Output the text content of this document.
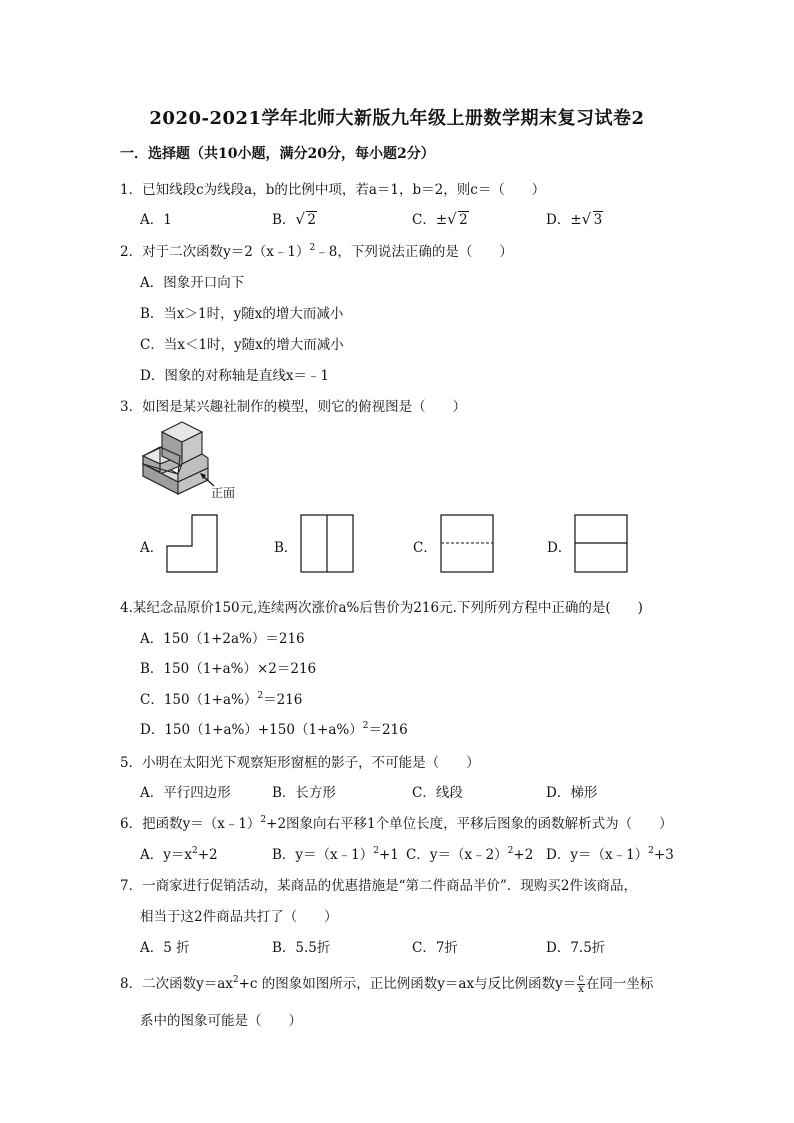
2020-2021学年北师大新版九年级上册数学期末复习试卷2
一．选择题（共10小题，满分20分，每小题2分）
1．已知线段c为线段a，b的比例中项，若a＝1，b＝2，则c＝（　　）
A．1	B． √ 2	C．± √ 2	D．± √ 3
2．对于二次函数y＝2（x﹣1）$^2$﹣8，下列说法正确的是（　　）
A．图象开口向下
B．当x＞1时，y随x的增大而减小
C．当x＜1时，y随x的增大而减小
D．图象的对称轴是直线x＝﹣1
3．如图是某兴趣社制作的模型，则它的俯视图是（　　）
正面
A．	B．	C．	D．
4.某纪念品原价150元,连续两次涨价a%后售价为216元.下列所列方程中正确的是(　　)
A．150（1+2a%）＝216
B．150（1+a%）×2＝216
C．$150(1+a\%)^2=216$
D．$150(1+a\%)+150(1+a\%)^2=216$
5．小明在太阳光下观察矩形窗框的影子，不可能是（　　）
A．平行四边形	B．长方形	C．线段	D．梯形
6．把函数y＝（x﹣1）$^2$+2图象向右平移1个单位长度，平移后图象的函数解析式为（　　）
A．$y=x^2+2$	B．y＝（x﹣1）$^2$+1 C．y＝（x﹣2）$^2$+2 D．y＝（x﹣1）$^2$+3
7．一商家进行促销活动，某商品的优惠措施是“第二件商品半价”．现购买2件该商品，
相当于这2件商品共打了（　　）
A．5 折	B．5.5折	C．7折	D．7.5折
8．二次函数$y=ax^2+c$ 的图象如图所示，正比例函数y＝ax与反比例函数$y= \frac{c}{x}$ 在同一坐标
系中的图象可能是（　　）
